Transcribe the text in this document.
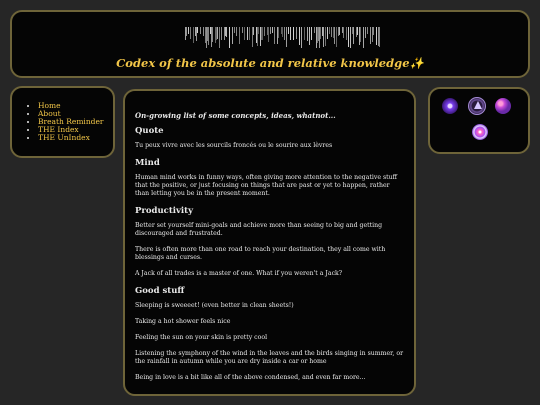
Codex of the absolute and relative knowledge✨
• Home
• About
• Breath Reminder
• THE Index
• THE UnIndex
On-growing list of some concepts, ideas, whatnot...
Quote

Tu peux vivre avec les sourcils froncés ou le sourire aux lèvres

Mind

Human mind works in funny ways, often giving more attention to the negative stuff that the positive, or just focusing on things that are past or yet to happen, rather than letting you be in the present moment.

Productivity

Better set yourself mini-goals and achieve more than seeing to big and getting discouraged and frustrated.

There is often more than one road to reach your destination, they all come with blessings and curses.

A Jack of all trades is a master of one. What if you weren't a Jack?

Good stuff

Sleeping is sweeeet! (even better in clean sheets!)

Taking a hot shower feels nice

Feeling the sun on your skin is pretty cool

Listening the symphony of the wind in the leaves and the birds singing in summer, or the rainfall in autumn while you are dry inside a car or home

Being in love is a bit like all of the above condensed, and even far more...
